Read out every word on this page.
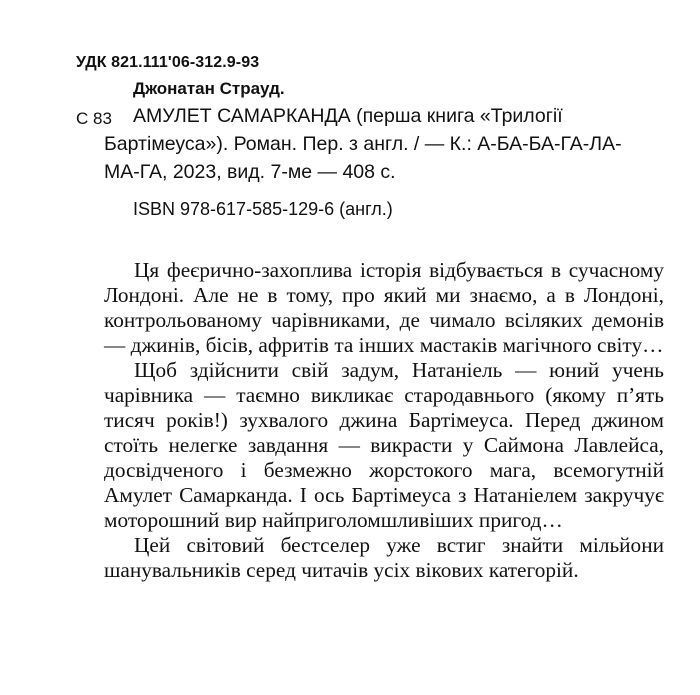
УДК 821.111'06-312.9-93
Джонатан Страуд.
С 83 АМУЛЕТ САМАРКАНДА (перша книга «Трилогії
Бартімеуса»). Роман. Пер. з англ. / — К.: А-БА-БА-ГА-ЛА-
МА-ГА, 2023, вид. 7-ме — 408 с.
ISBN 978-617-585-129-6 (англ.)

Ця феєрично-захоплива історія відбувається в сучасному Лондоні. Але не в тому, про який ми знаємо, а в Лондоні, контрольованому чарівниками, де чимало всіляких демонів — джинів, бісів, афритів та інших мастаків магічного світу…

Щоб здійснити свій задум, Натаніель — юний учень чарівника — таємно викликає стародавнього (якому п’ять тисяч років!) зухвалого джина Бартімеуса. Перед джином стоїть нелегке завдання — викрасти у Саймона Лавлейса, досвідченого і безмежно жорстокого мага, всемогутній Амулет Самарканда. І ось Бартімеуса з Натаніелем закручує моторошний вир найприголомшливіших пригод…

Цей світовий бестселер уже встиг знайти мільйони шанувальників серед читачів усіх вікових категорій.
